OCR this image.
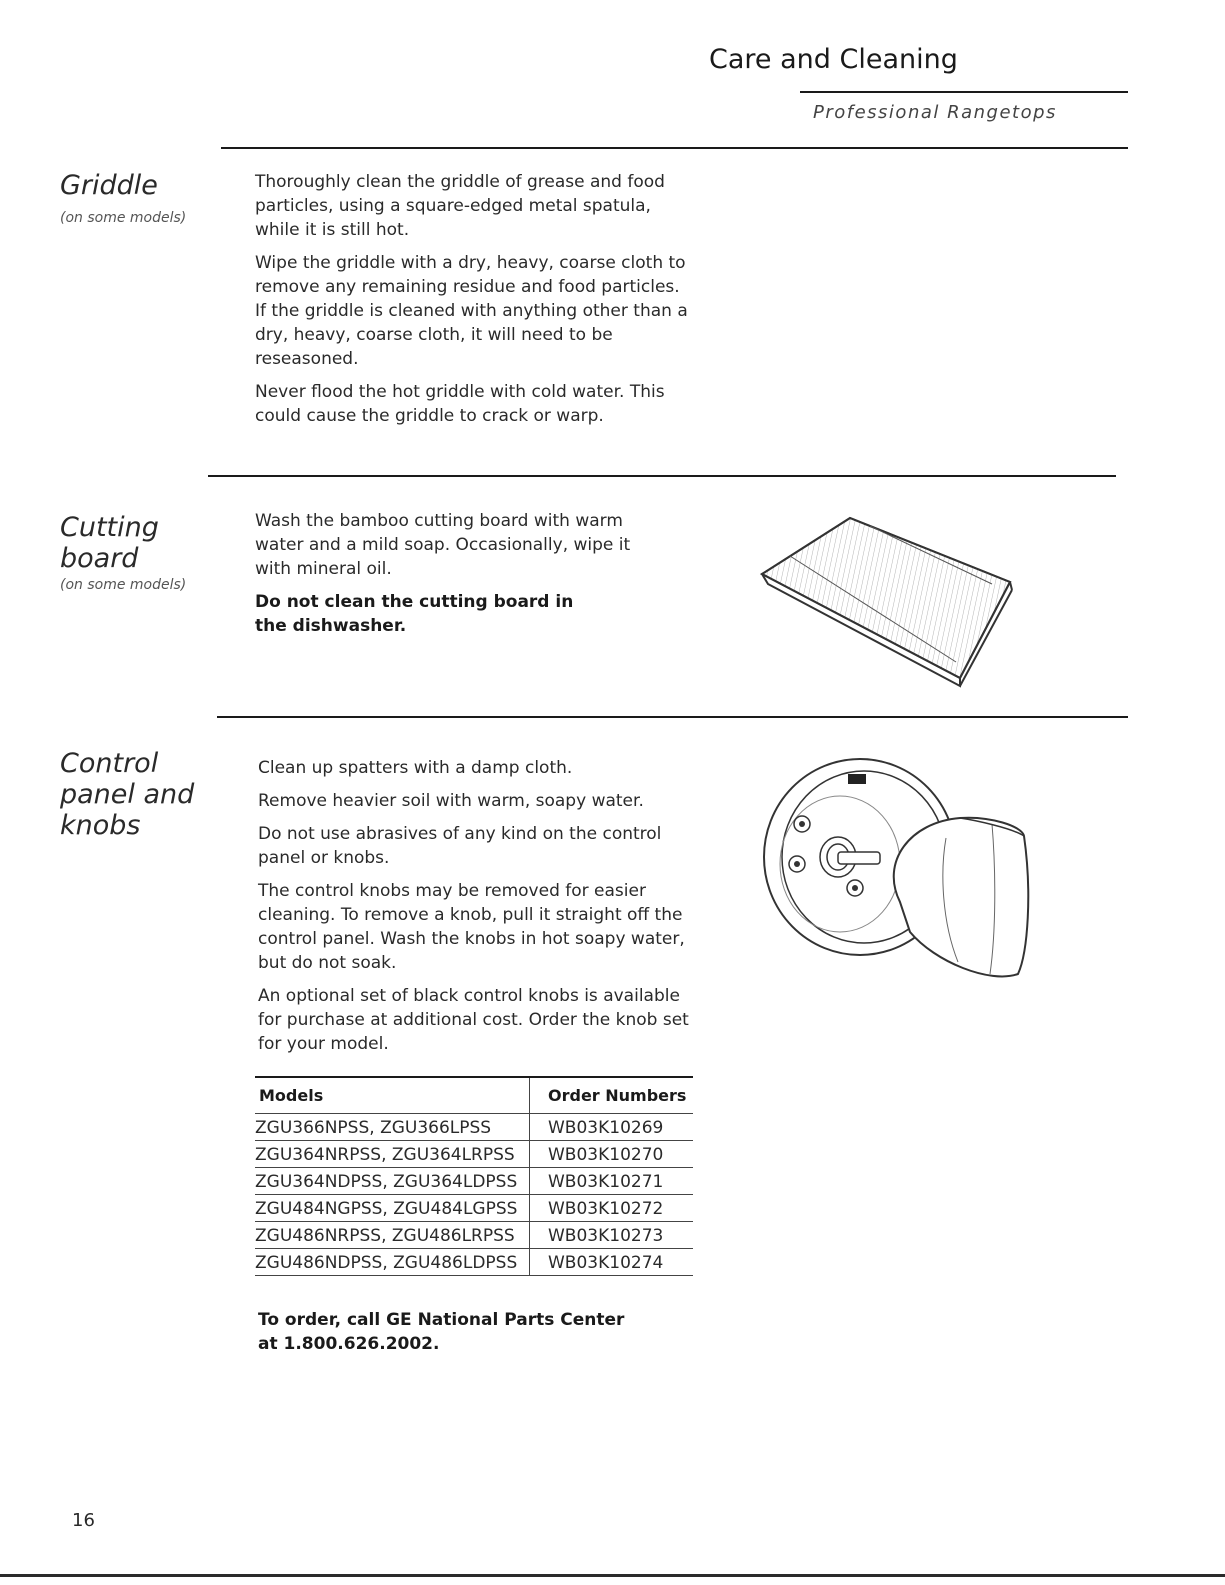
Care and Cleaning
Professional Rangetops
Griddle
(on some models)

Thoroughly clean the griddle of grease and food particles, using a square-edged metal spatula, while it is still hot.

Wipe the griddle with a dry, heavy, coarse cloth to remove any remaining residue and food particles. If the griddle is cleaned with anything other than a dry, heavy, coarse cloth, it will need to be reseasoned.

Never flood the hot griddle with cold water. This could cause the griddle to crack or warp.

Cutting
board
(on some models)

Wash the bamboo cutting board with warm water and a mild soap. Occasionally, wipe it with mineral oil.

Do not clean the cutting board in the dishwasher.

Control
panel and
knobs

Clean up spatters with a damp cloth.

Remove heavier soil with warm, soapy water.

Do not use abrasives of any kind on the control panel or knobs.

The control knobs may be removed for easier cleaning. To remove a knob, pull it straight off the control panel. Wash the knobs in hot soapy water, but do not soak.

An optional set of black control knobs is available for purchase at additional cost. Order the knob set for your model.

Models	Order Numbers
ZGU366NPSS, ZGU366LPSS	WB03K10269
ZGU364NRPSS, ZGU364LRPSS	WB03K10270
ZGU364NDPSS, ZGU364LDPSS	WB03K10271
ZGU484NGPSS, ZGU484LGPSS	WB03K10272
ZGU486NRPSS, ZGU486LRPSS	WB03K10273
ZGU486NDPSS, ZGU486LDPSS	WB03K10274
To order, call GE National Parts Center
at 1.800.626.2002.
16
